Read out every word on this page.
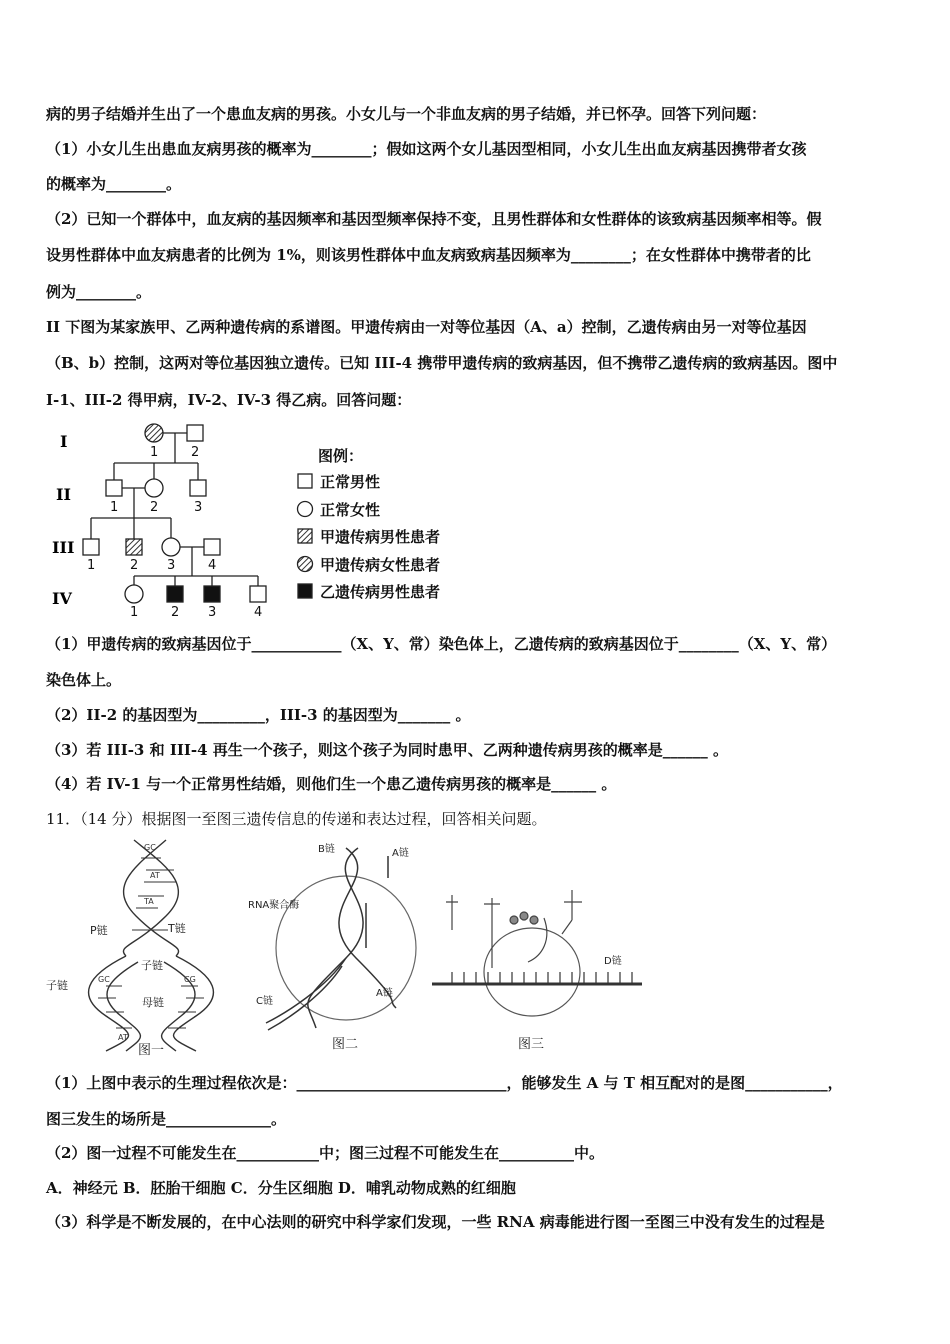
病的男子结婚并生出了一个患血友病的男孩。小女儿与一个非血友病的男子结婚，并已怀孕。回答下列问题：
（1）小女儿生出患血友病男孩的概率为________；假如这两个女儿基因型相同，小女儿生出血友病基因携带者女孩
的概率为________。
（2）已知一个群体中，血友病的基因频率和基因型频率保持不变，且男性群体和女性群体的该致病基因频率相等。假
设男性群体中血友病患者的比例为 1%，则该男性群体中血友病致病基因频率为________；在女性群体中携带者的比
例为________。
II 下图为某家族甲、乙两种遗传病的系谱图。甲遗传病由一对等位基因（A、a）控制，乙遗传病由另一对等位基因
（B、b）控制，这两对等位基因独立遗传。已知 III-4 携带甲遗传病的致病基因，但不携带乙遗传病的致病基因。图中
I-1、III-2 得甲病，IV-2、IV-3 得乙病。回答问题：
I
II
III
IV
1	2
1 2	3
1	2 3	4
1	2 3	4
图例：
正常男性
正常女性
甲遗传病男性患者
甲遗传病女性患者
乙遗传病男性患者
（1）甲遗传病的致病基因位于____________（X、Y、常）染色体上，乙遗传病的致病基因位于________（X、Y、常）
染色体上。
（2）II-2 的基因型为_________，III-3 的基因型为_______ 。
（3）若 III-3 和 III-4 再生一个孩子，则这个孩子为同时患甲、乙两种遗传病男孩的概率是______ 。
（4）若 IV-1 与一个正常男性结婚，则他们生一个患乙遗传病男孩的概率是______ 。
11．（14 分）根据图一至图三遗传信息的传递和表达过程，回答相关问题。
GC
AT
TA
GC	CG
AT
P链	T链
子链
子链
母链
图一
B链	A链
RNA聚合酶
A链
C链
图二
D链
图三
（1）上图中表示的生理过程依次是：____________________________，能够发生 A 与 T 相互配对的是图___________，
图三发生的场所是______________。
（2）图一过程不可能发生在___________中；图三过程不可能发生在__________中。
A．神经元 B．胚胎干细胞 C．分生区细胞 D．哺乳动物成熟的红细胞
（3）科学是不断发展的，在中心法则的研究中科学家们发现，一些 RNA 病毒能进行图一至图三中没有发生的过程是
